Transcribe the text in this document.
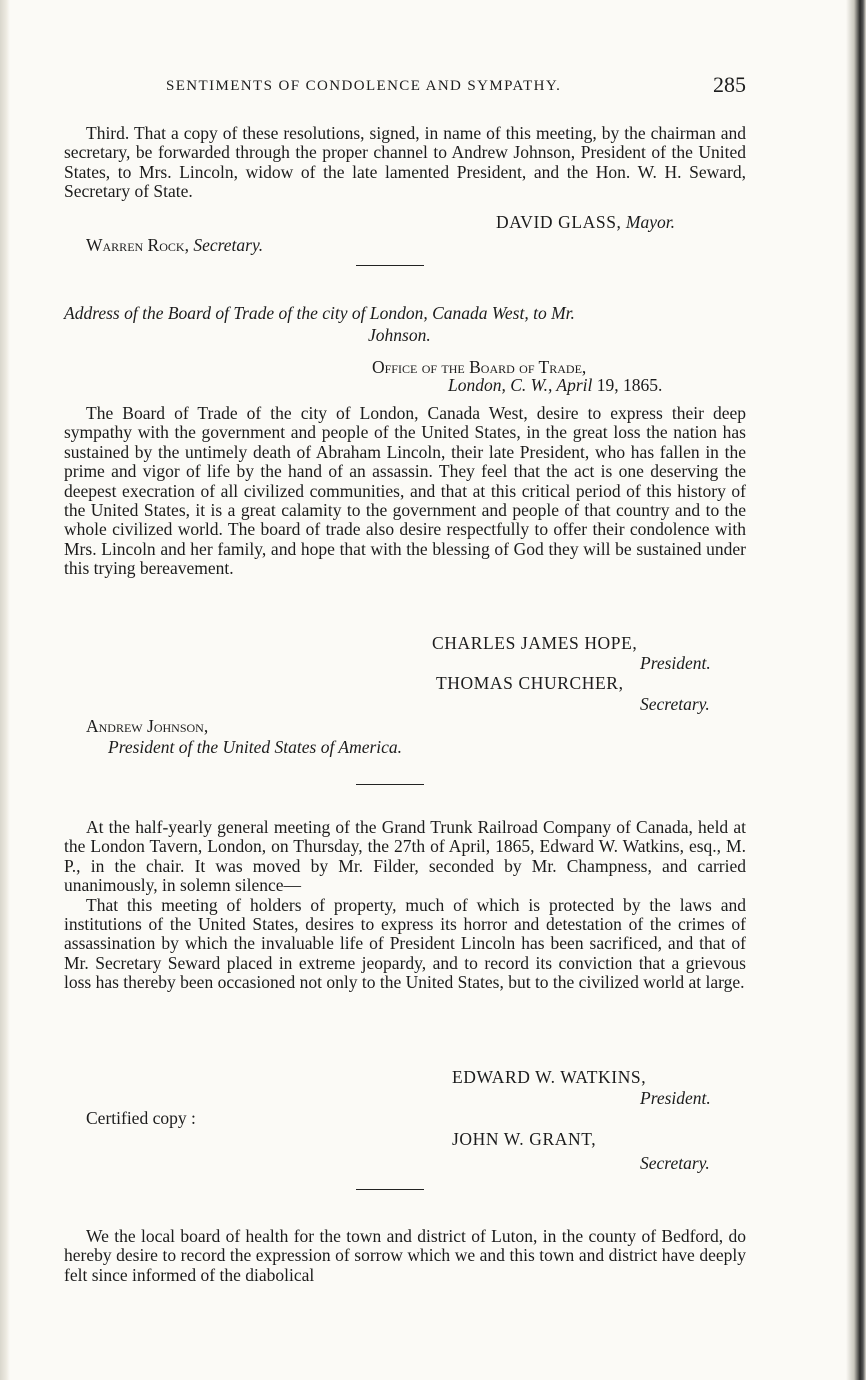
SENTIMENTS OF CONDOLENCE AND SYMPATHY.	285

Third. That a copy of these resolutions, signed, in name of this meeting, by the chairman and secretary, be forwarded through the proper channel to Andrew Johnson, President of the United States, to Mrs. Lincoln, widow of the late lamented President, and the Hon. W. H. Seward, Secretary of State.

DAVID GLASS, Mayor.
Warren Rock, Secretary.
Address of the Board of Trade of the city of London, Canada West, to Mr.
Johnson.
Office of the Board of Trade,
London, C. W., April 19, 1865.

The Board of Trade of the city of London, Canada West, desire to express their deep sympathy with the government and people of the United States, in the great loss the nation has sustained by the untimely death of Abraham Lincoln, their late President, who has fallen in the prime and vigor of life by the hand of an assassin. They feel that the act is one deserving the deepest execration of all civilized communities, and that at this critical period of this history of the United States, it is a great calamity to the government and people of that country and to the whole civilized world. The board of trade also desire respectfully to offer their condolence with Mrs. Lincoln and her family, and hope that with the blessing of God they will be sustained under this trying bereavement.

CHARLES JAMES HOPE,
President.
THOMAS CHURCHER,
Secretary.
Andrew Johnson,
President of the United States of America.

At the half-yearly general meeting of the Grand Trunk Railroad Company of Canada, held at the London Tavern, London, on Thursday, the 27th of April, 1865, Edward W. Watkins, esq., M. P., in the chair. It was moved by Mr. Filder, seconded by Mr. Champness, and carried unanimously, in solemn silence—

That this meeting of holders of property, much of which is protected by the laws and institutions of the United States, desires to express its horror and detestation of the crimes of assassination by which the invaluable life of President Lincoln has been sacrificed, and that of Mr. Secretary Seward placed in extreme jeopardy, and to record its conviction that a grievous loss has thereby been occasioned not only to the United States, but to the civilized world at large.

EDWARD W. WATKINS,
President.
Certified copy :
JOHN W. GRANT,
Secretary.

We the local board of health for the town and district of Luton, in the county of Bedford, do hereby desire to record the expression of sorrow which we and this town and district have deeply felt since informed of the diabolical
